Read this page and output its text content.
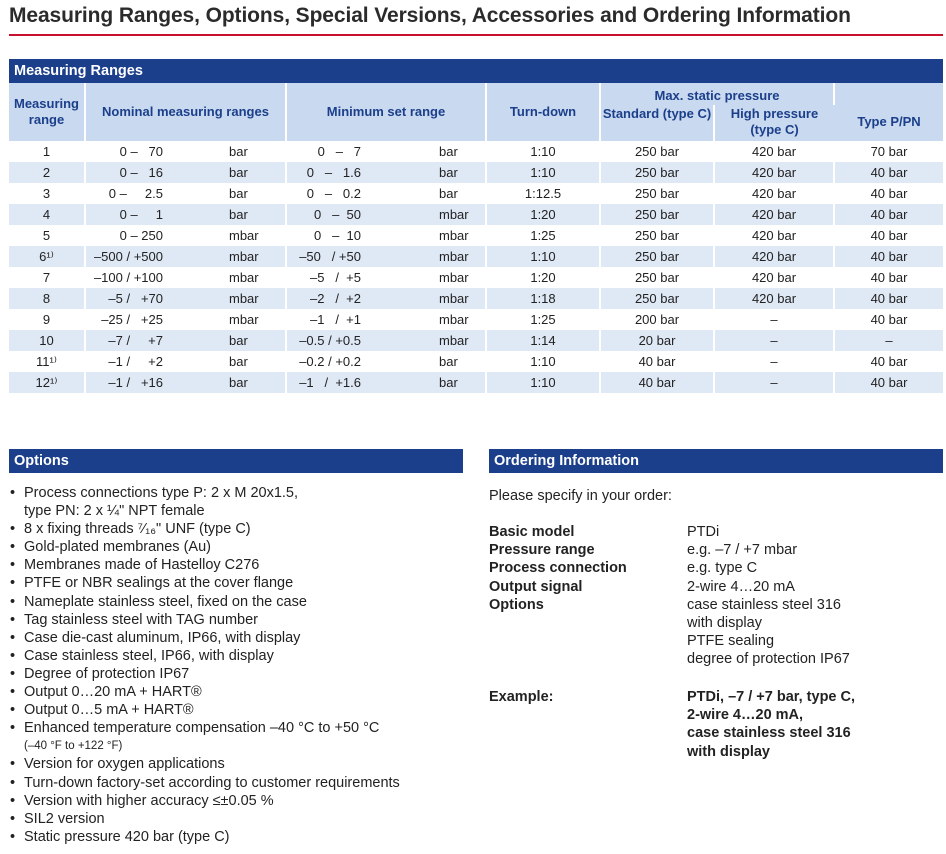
Measuring Ranges, Options, Special Versions, Accessories and Ordering Information
Measuring Ranges
Measuring range	Nominal measuring ranges	Minimum set range	Turn-down	Max. static pressure		Type P/PN
				Standard (type C)	High pressure (type C)	
1	0 –   70 bar	0   –   7 bar	1:10	250 bar	420 bar	70 bar
2	0 –   16 bar	0   –   1.6 bar	1:10	250 bar	420 bar	40 bar
3	0 –     2.5 bar	0   –   0.2 bar	1:12.5	250 bar	420 bar	40 bar
4	0 –     1 bar	0   –  50 mbar	1:20	250 bar	420 bar	40 bar
5	0 – 250 mbar	0   –  10 mbar	1:25	250 bar	420 bar	40 bar
6¹⁾	–500 / +500 mbar	–50   / +50 mbar	1:10	250 bar	420 bar	40 bar
7	–100 / +100 mbar	–5   /  +5 mbar	1:20	250 bar	420 bar	40 bar
8	–5 /   +70 mbar	–2   /  +2 mbar	1:18	250 bar	420 bar	40 bar
9	–25 /   +25 mbar	–1   /  +1 mbar	1:25	200 bar	–	40 bar
10	–7 /     +7 bar	–0.5 / +0.5 mbar	1:14	20 bar	–	–
11¹⁾	–1 /     +2 bar	–0.2 / +0.2 bar	1:10	40 bar	–	40 bar
12¹⁾	–1 /   +16 bar	–1   /  +1.6 bar	1:10	40 bar	–	40 bar
Options
• Process connections type P: 2 x M 20x1.5,
type PN: 2 x ¼" NPT female
• 8 x fixing threads ⁷⁄₁₆" UNF (type C)
• Gold-plated membranes (Au)
• Membranes made of Hastelloy C276
• PTFE or NBR sealings at the cover flange
• Nameplate stainless steel, fixed on the case
• Tag stainless steel with TAG number
• Case die-cast aluminum, IP66, with display
• Case stainless steel, IP66, with display
• Degree of protection IP67
• Output 0…20 mA + HART®
• Output 0…5 mA + HART®
• Enhanced temperature compensation –40 °C to +50 °C
(–40 °F to +122 °F)
• Version for oxygen applications
• Turn-down factory-set according to customer requirements
• Version with higher accuracy ≤±0.05 %
• SIL2 version
• Static pressure 420 bar (type C)
Ordering Information
Please specify in your order:
Basic model	PTDi
Pressure range	e.g. –7 / +7 mbar
Process connection	e.g. type C
Output signal	2-wire 4…20 mA
Options	case stainless steel 316
with display
PTFE sealing
degree of protection IP67
Example:	PTDi, –7 / +7 bar, type C,
2-wire 4…20 mA,
case stainless steel 316
with display
